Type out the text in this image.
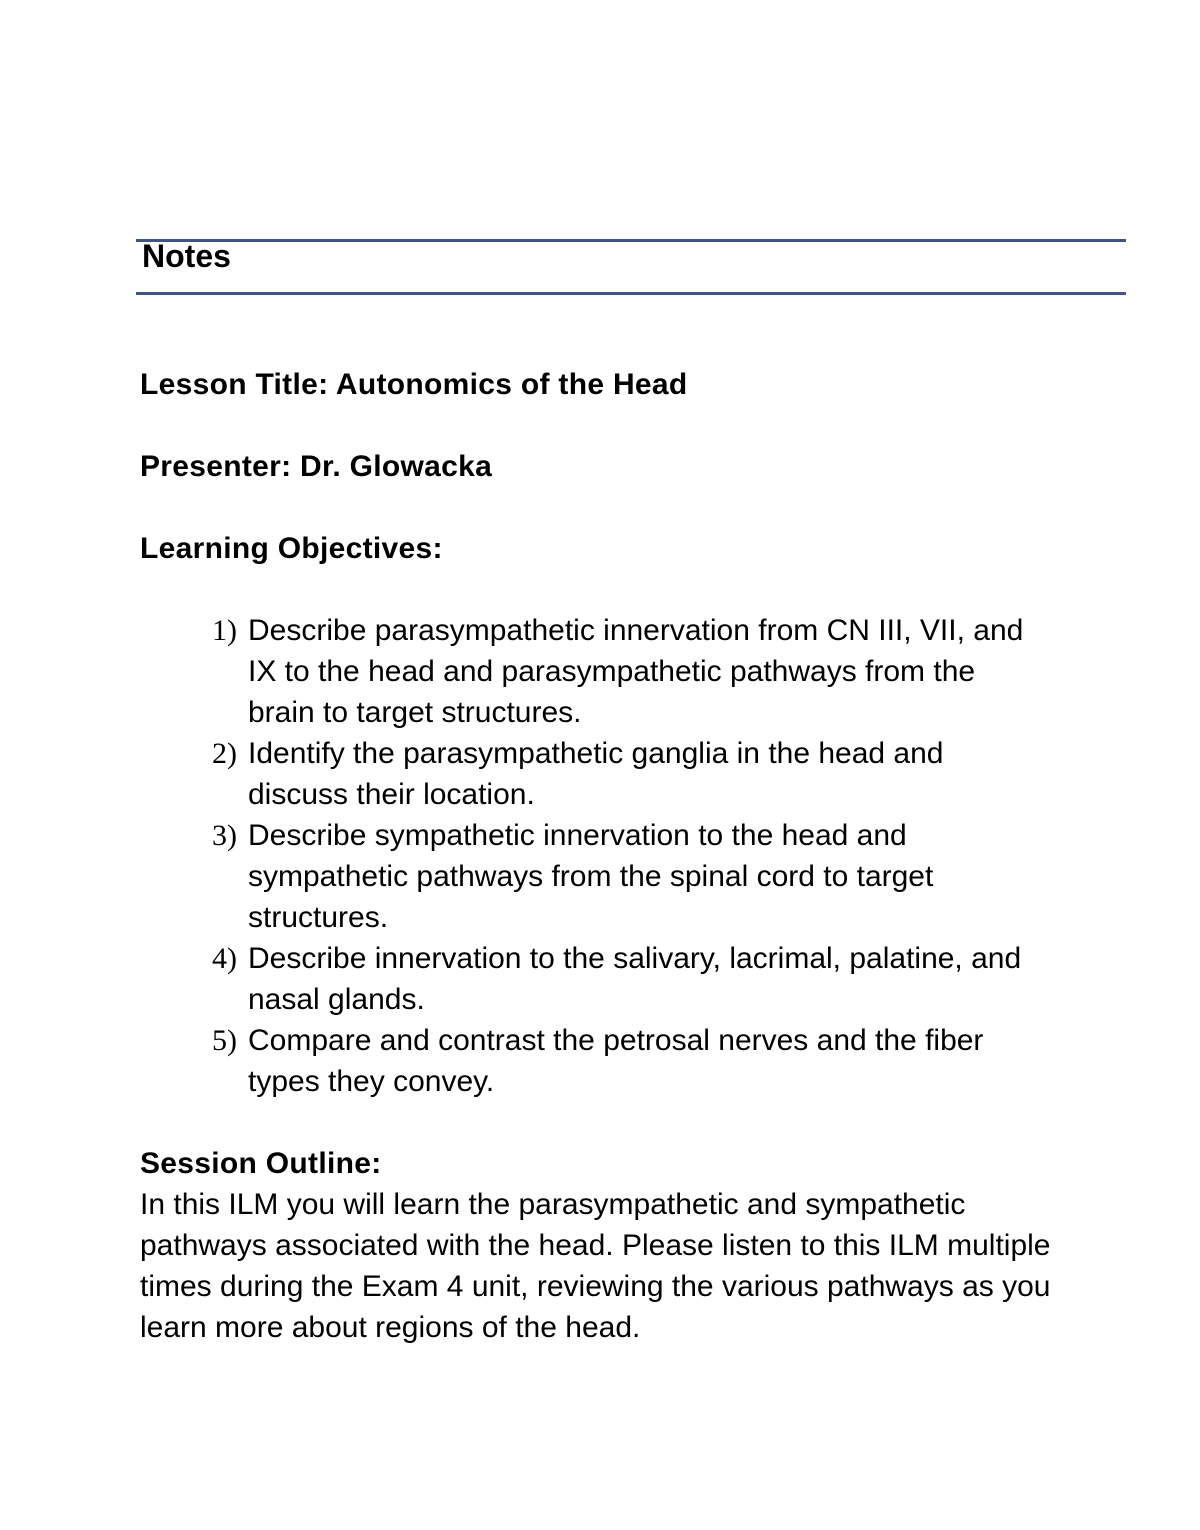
Notes

Lesson Title: Autonomics of the Head

Presenter: Dr. Glowacka

Learning Objectives:

1) Describe parasympathetic innervation from CN III, VII, and IX to the head and parasympathetic pathways from the brain to target structures.
2) Identify the parasympathetic ganglia in the head and discuss their location.
3) Describe sympathetic innervation to the head and sympathetic pathways from the spinal cord to target structures.
4) Describe innervation to the salivary, lacrimal, palatine, and nasal glands.
5) Compare and contrast the petrosal nerves and the fiber types they convey.

Session Outline:

In this ILM you will learn the parasympathetic and sympathetic pathways associated with the head. Please listen to this ILM multiple times during the Exam 4 unit, reviewing the various pathways as you learn more about regions of the head.
